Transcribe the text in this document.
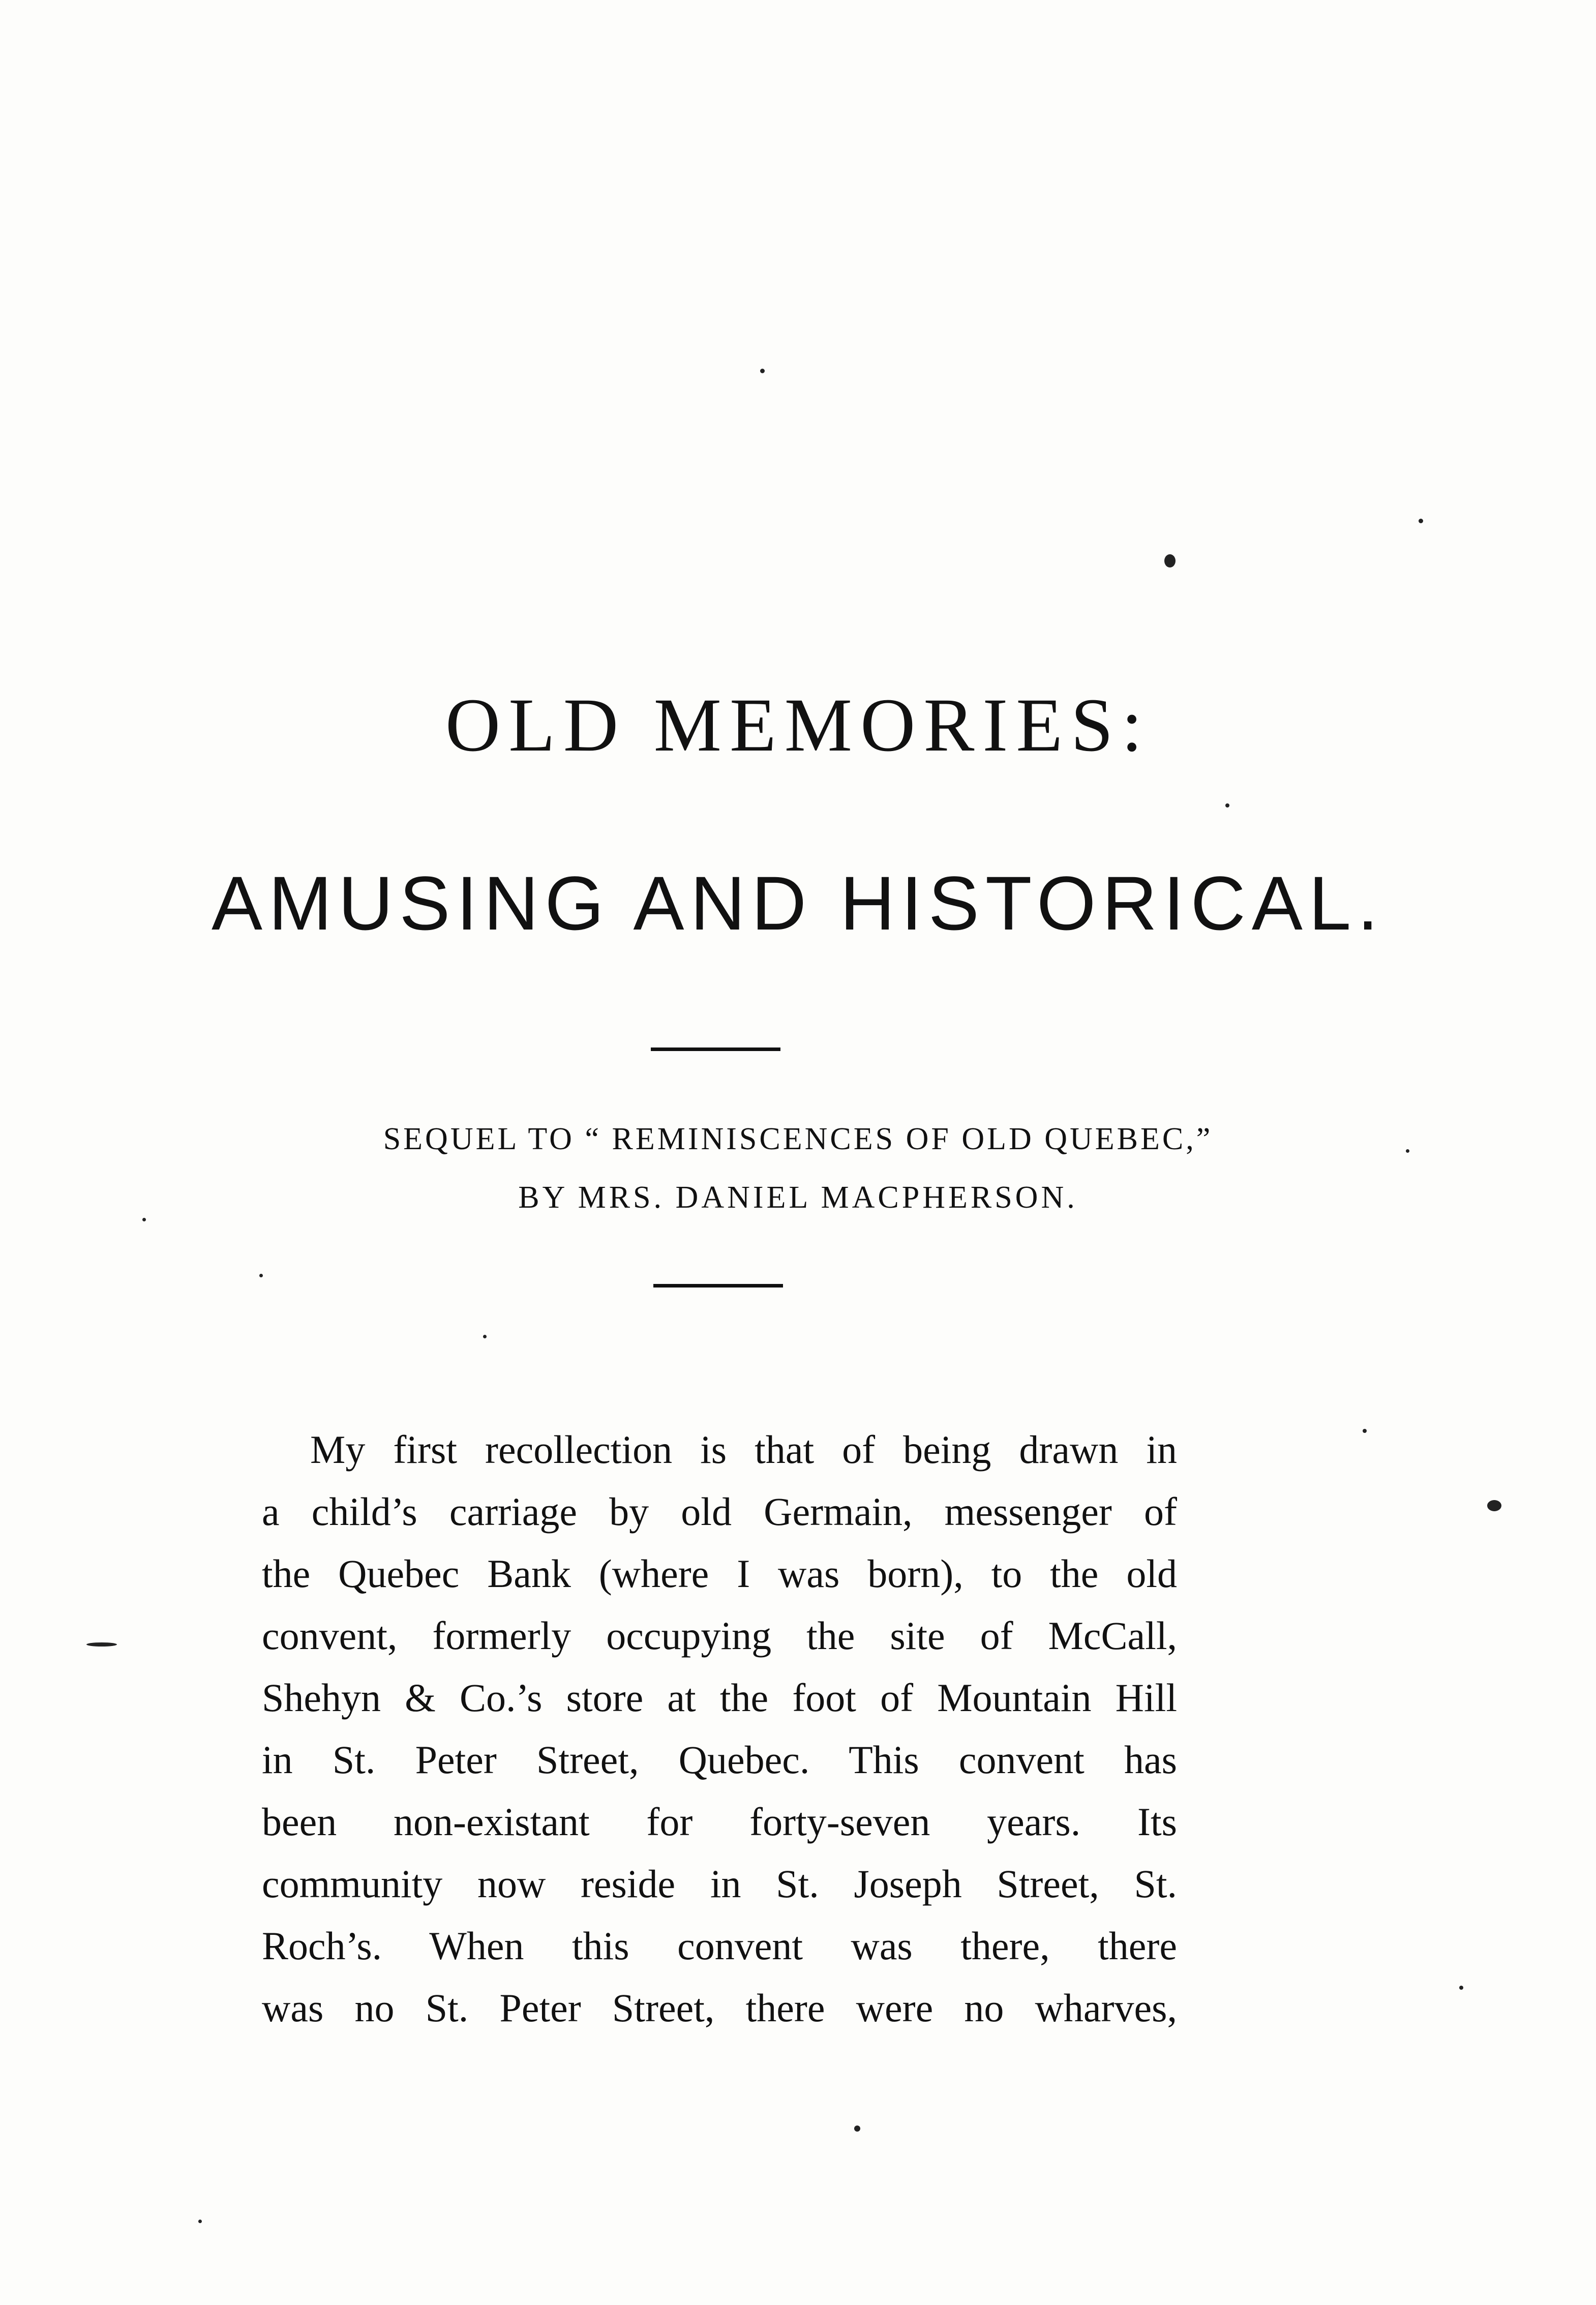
OLD MEMORIES:
AMUSING AND HISTORICAL.

SEQUEL TO “ REMINISCENCES OF OLD QUEBEC,”

BY MRS. DANIEL MACPHERSON.

My first recollection is that of being drawn in
a child’s carriage by old Germain, messenger of
the Quebec Bank (where I was born), to the old
convent, formerly occupying the site of McCall,
Shehyn & Co.’s store at the foot of Mountain Hill
in St. Peter Street, Quebec. This convent has
been non-existant for forty-seven years. Its
community now reside in St. Joseph Street, St.
Roch’s. When this convent was there, there
was no St. Peter Street, there were no wharves,
